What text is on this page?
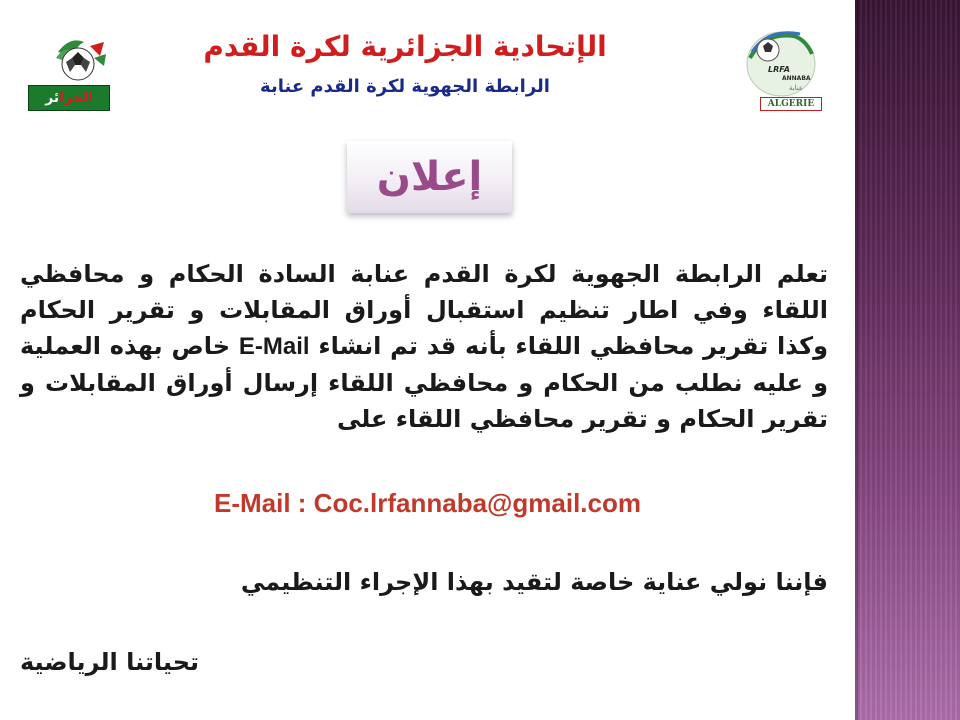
الجزائر
الإتحادية الجزائرية لكرة القدم
الرابطة الجهوية لكرة القدم عنابة
LRFA
ANNABA
عنابة
ALGERIE
إعلان
تعلم الرابطة الجهوية لكرة القدم عنابة السادة الحكام و محافظي اللقاء وفي اطار تنظيم استقبال أوراق المقابلات و تقرير الحكام وكذا تقرير محافظي اللقاء بأنه قد تم انشاء E-Mail خاص بهذه العملية و عليه نطلب من الحكام و محافظي اللقاء إرسال أوراق المقابلات و تقرير الحكام و تقرير محافظي اللقاء على
E-Mail : Coc.lrfannaba@gmail.com
فإننا نولي عناية خاصة لتقيد بهذا الإجراء التنظيمي
تحياتنا الرياضية
